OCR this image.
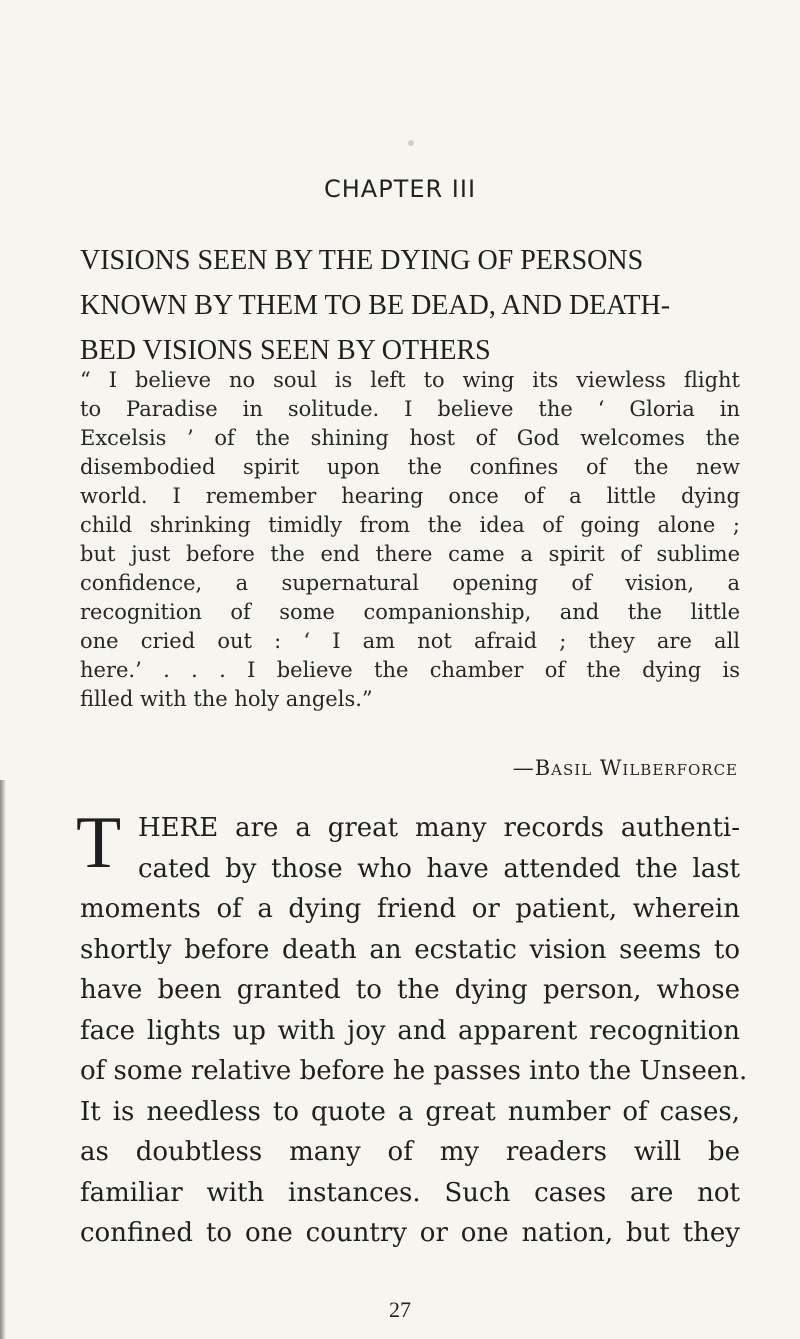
CHAPTER III
VISIONS SEEN BY THE DYING OF PERSONS
KNOWN BY THEM TO BE DEAD, AND DEATH-
BED VISIONS SEEN BY OTHERS
“ I believe no soul is left to wing its viewless flight
to Paradise in solitude. I believe the ‘ Gloria in
Excelsis ’ of the shining host of God welcomes the
disembodied spirit upon the confines of the new
world. I remember hearing once of a little dying
child shrinking timidly from the idea of going alone ;
but just before the end there came a spirit of sublime
confidence, a supernatural opening of vision, a
recognition of some companionship, and the little
one cried out : ‘ I am not afraid ; they are all
here.’ . . . I believe the chamber of the dying is
filled with the holy angels.”
—Basil Wilberforce
T HERE are a great many records authenti-
cated by those who have attended the last
moments of a dying friend or patient, wherein
shortly before death an ecstatic vision seems to
have been granted to the dying person, whose
face lights up with joy and apparent recognition
of some relative before he passes into the Unseen.
It is needless to quote a great number of cases,
as doubtless many of my readers will be
familiar with instances. Such cases are not
confined to one country or one nation, but they
27
